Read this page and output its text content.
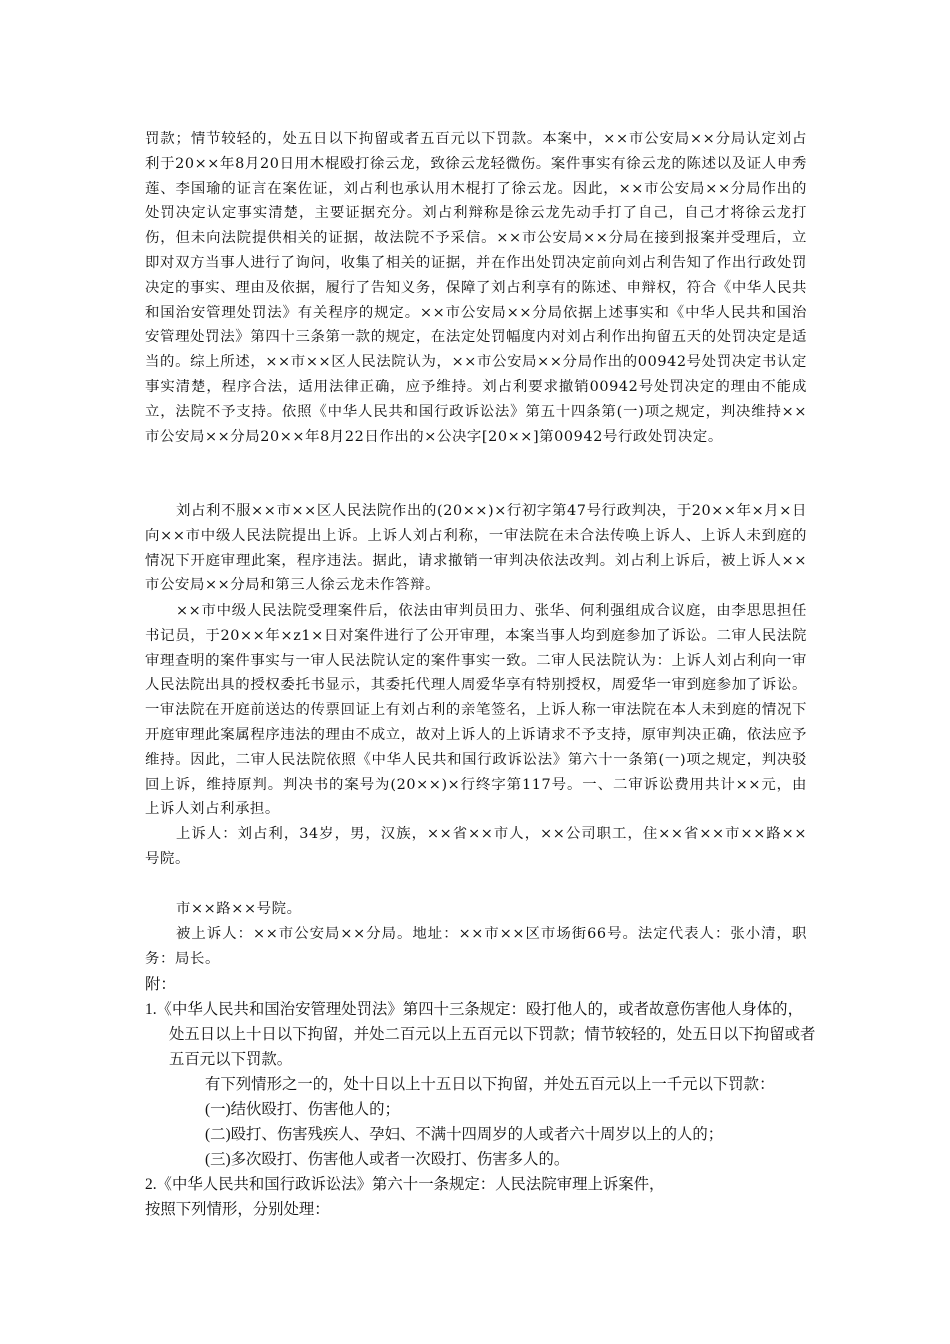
罚款；情节较轻的，处五日以下拘留或者五百元以下罚款。本案中，××市公安局××分局认定刘占利于20××年8月20日用木棍殴打徐云龙，致徐云龙轻微伤。案件事实有徐云龙的陈述以及证人申秀莲、李国瑜的证言在案佐证，刘占利也承认用木棍打了徐云龙。因此，××市公安局××分局作出的处罚决定认定事实清楚，主要证据充分。刘占利辩称是徐云龙先动手打了自己，自己才将徐云龙打伤，但未向法院提供相关的证据，故法院不予采信。××市公安局××分局在接到报案并受理后，立即对双方当事人进行了询问，收集了相关的证据，并在作出处罚决定前向刘占利告知了作出行政处罚决定的事实、理由及依据，履行了告知义务，保障了刘占利享有的陈述、申辩权，符合《中华人民共和国治安管理处罚法》有关程序的规定。××市公安局××分局依据上述事实和《中华人民共和国治安管理处罚法》第四十三条第一款的规定，在法定处罚幅度内对刘占利作出拘留五天的处罚决定是适当的。综上所述，××市××区人民法院认为，××市公安局××分局作出的00942号处罚决定书认定事实清楚，程序合法，适用法律正确，应予维持。刘占利要求撤销00942号处罚决定的理由不能成立，法院不予支持。依照《中华人民共和国行政诉讼法》第五十四条第(一)项之规定，判决维持××市公安局××分局20××年8月22日作出的×公决字[20××]第00942号行政处罚决定。

刘占利不服××市××区人民法院作出的(20××)×行初字第47号行政判决，于20××年×月×日向××市中级人民法院提出上诉。上诉人刘占利称，一审法院在未合法传唤上诉人、上诉人未到庭的情况下开庭审理此案，程序违法。据此，请求撤销一审判决依法改判。刘占利上诉后，被上诉人××市公安局××分局和第三人徐云龙未作答辩。

××市中级人民法院受理案件后，依法由审判员田力、张华、何利强组成合议庭，由李思思担任书记员，于20××年×z1×日对案件进行了公开审理，本案当事人均到庭参加了诉讼。二审人民法院审理查明的案件事实与一审人民法院认定的案件事实一致。二审人民法院认为：上诉人刘占利向一审人民法院出具的授权委托书显示，其委托代理人周爱华享有特别授权，周爱华一审到庭参加了诉讼。一审法院在开庭前送达的传票回证上有刘占利的亲笔签名，上诉人称一审法院在本人未到庭的情况下开庭审理此案属程序违法的理由不成立，故对上诉人的上诉请求不予支持，原审判决正确，依法应予维持。因此，二审人民法院依照《中华人民共和国行政诉讼法》第六十一条第(一)项之规定，判决驳回上诉，维持原判。判决书的案号为(20××)×行终字第117号。一、二审诉讼费用共计××元，由上诉人刘占利承担。

上诉人：刘占利，34岁，男，汉族，××省××市人，××公司职工，住××省××市××路××号院。

市××路××号院。

被上诉人：××市公安局××分局。地址：××市××区市场街66号。法定代表人：张小清，职务：局长。

附：
1.《中华人民共和国治安管理处罚法》第四十三条规定：殴打他人的，或者故意伤害他人身体的，处五日以上十日以下拘留，并处二百元以上五百元以下罚款；情节较轻的，处五日以下拘留或者五百元以下罚款。
有下列情形之一的，处十日以上十五日以下拘留，并处五百元以上一千元以下罚款：
(一)结伙殴打、伤害他人的；
(二)殴打、伤害残疾人、孕妇、不满十四周岁的人或者六十周岁以上的人的；
(三)多次殴打、伤害他人或者一次殴打、伤害多人的。
2.《中华人民共和国行政诉讼法》第六十一条规定：人民法院审理上诉案件，
按照下列情形，分别处理：
